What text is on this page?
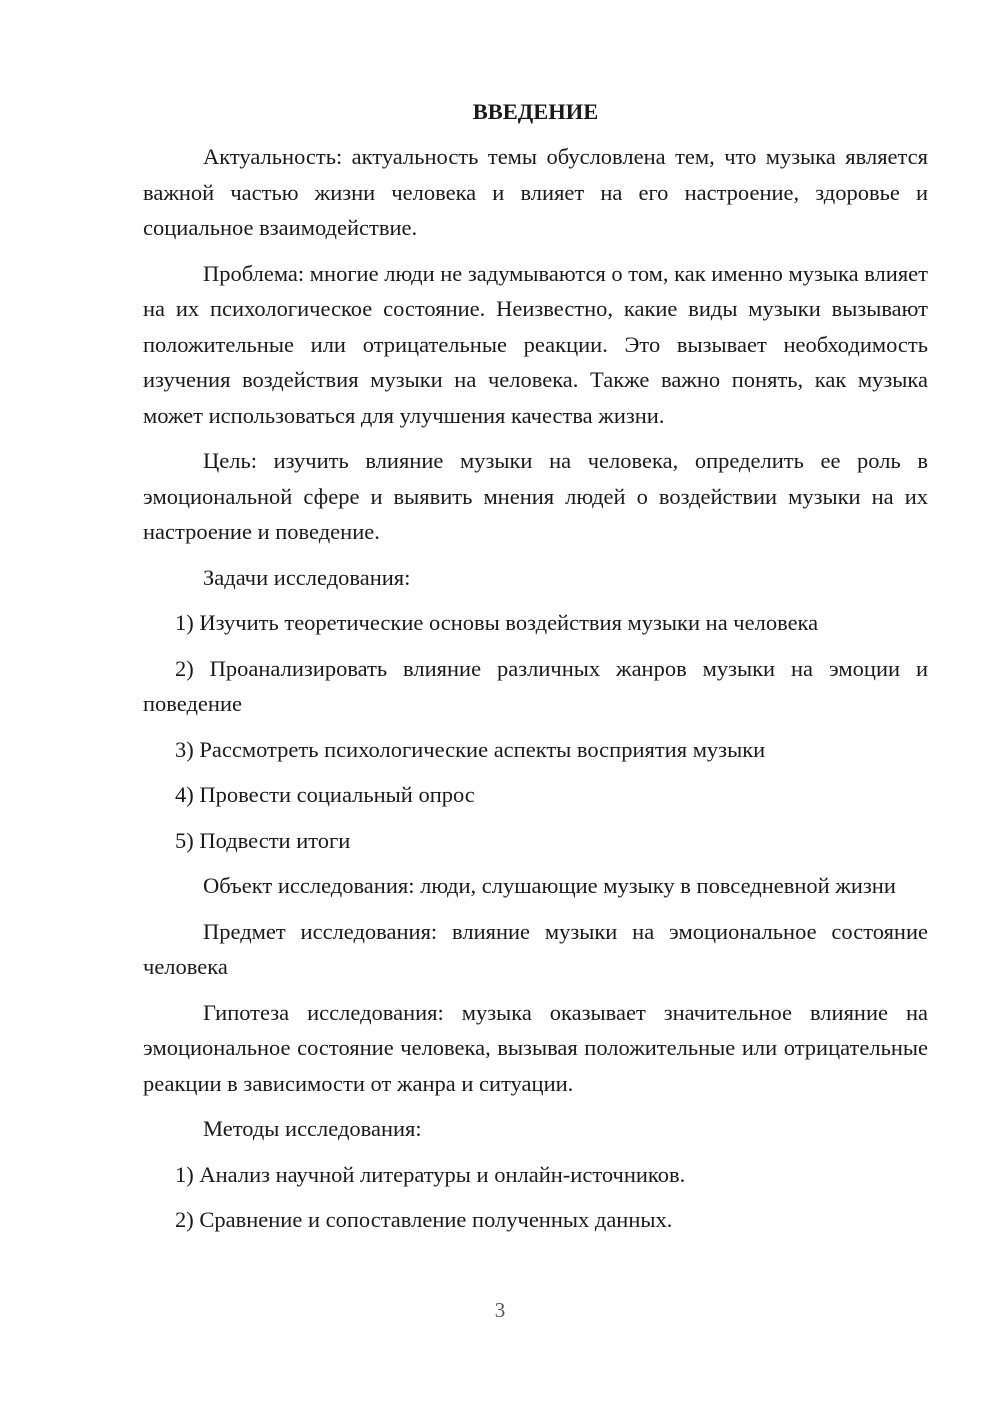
ВВЕДЕНИЕ

Актуальность: актуальность темы обусловлена тем, что музыка является важной частью жизни человека и влияет на его настроение, здоровье и социальное взаимодействие.

Проблема: многие люди не задумываются о том, как именно музыка влияет на их психологическое состояние. Неизвестно, какие виды музыки вызывают положительные или отрицательные реакции. Это вызывает необходимость изучения воздействия музыки на человека. Также важно понять, как музыка может использоваться для улучшения качества жизни.

Цель: изучить влияние музыки на человека, определить ее роль в эмоциональной сфере и выявить мнения людей о воздействии музыки на их настроение и поведение.

Задачи исследования:

1) Изучить теоретические основы воздействия музыки на человека

2) Проанализировать влияние различных жанров музыки на эмоции и поведение

3) Рассмотреть психологические аспекты восприятия музыки

4) Провести социальный опрос

5) Подвести итоги

Объект исследования: люди, слушающие музыку в повседневной жизни

Предмет исследования: влияние музыки на эмоциональное состояние человека

Гипотеза исследования: музыка оказывает значительное влияние на эмоциональное состояние человека, вызывая положительные или отрицательные реакции в зависимости от жанра и ситуации.

Методы исследования:

1) Анализ научной литературы и онлайн-источников.

2) Сравнение и сопоставление полученных данных.

3
